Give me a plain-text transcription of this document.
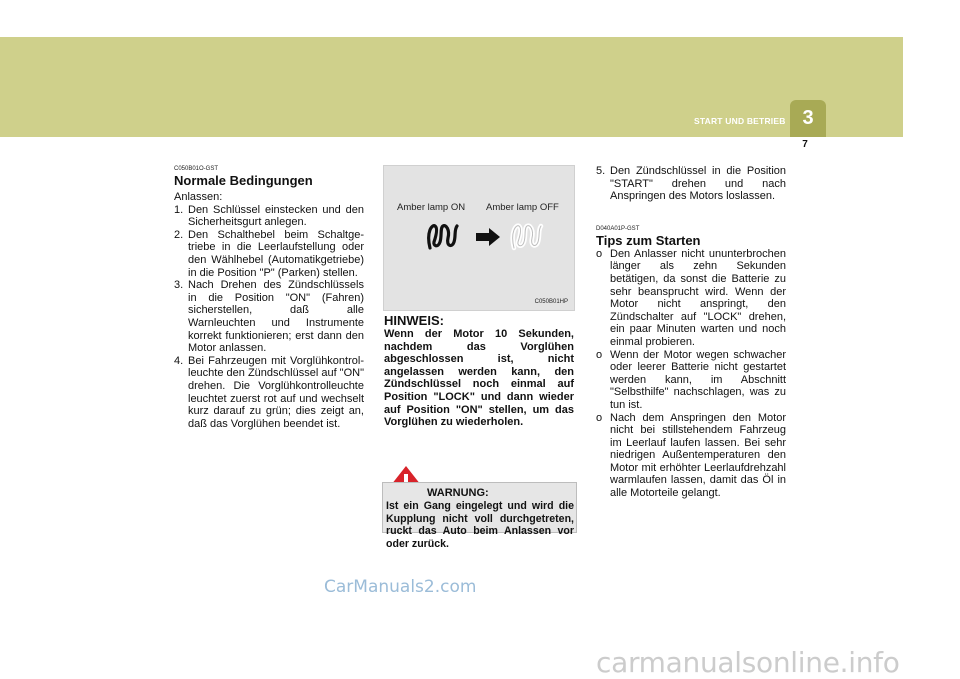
START UND BETRIEB 3
7
C050B01O-GST
Normale Bedingungen
Anlassen:
1. Den Schlüssel einstecken und den Sicherheitsgurt anlegen.
2. Den Schalthebel beim Schaltge-triebe in die Leerlaufstellung oder den Wählhebel (Automatikgetriebe) in die Position "P" (Parken) stellen.
3. Nach Drehen des Zündschlüssels in die Position "ON" (Fahren) sicherstellen, daß alle Warnleuchten und Instrumente korrekt funktionieren; erst dann den Motor anlassen.
4. Bei Fahrzeugen mit Vorglühkontrol-leuchte den Zündschlüssel auf "ON" drehen. Die Vorglühkontrolleuchte leuchtet zuerst rot auf und wechselt kurz darauf zu grün; dies zeigt an, daß das Vorglühen beendet ist.
Amber lamp ON Amber lamp OFF
C050B01HP
HINWEIS:
Wenn der Motor 10 Sekunden, nachdem das Vorglühen abgeschlossen ist, nicht angelassen werden kann, den Zündschlüssel noch einmal auf Position "LOCK" und dann wieder auf Position "ON" stellen, um das Vorglühen zu wiederholen.
WARNUNG:
Ist ein Gang eingelegt und wird die Kupplung nicht voll durchgetreten, ruckt das Auto beim Anlassen vor oder zurück.
5. Den Zündschlüssel in die Position "START" drehen und nach Anspringen des Motors loslassen.
D040A01P-GST
Tips zum Starten
o Den Anlasser nicht ununterbrochen länger als zehn Sekunden betätigen, da sonst die Batterie zu sehr beansprucht wird. Wenn der Motor nicht anspringt, den Zündschalter auf "LOCK" drehen, ein paar Minuten warten und noch einmal probieren.
o Wenn der Motor wegen schwacher oder leerer Batterie nicht gestartet werden kann, im Abschnitt "Selbsthilfe" nachschlagen, was zu tun ist.
o Nach dem Anspringen den Motor nicht bei stillstehendem Fahrzeug im Leerlauf laufen lassen. Bei sehr niedrigen Außentemperaturen den Motor mit erhöhter Leerlaufdrehzahl warmlaufen lassen, damit das Öl in alle Motorteile gelangt.
CarManuals2.com
carmanualsonline.info
